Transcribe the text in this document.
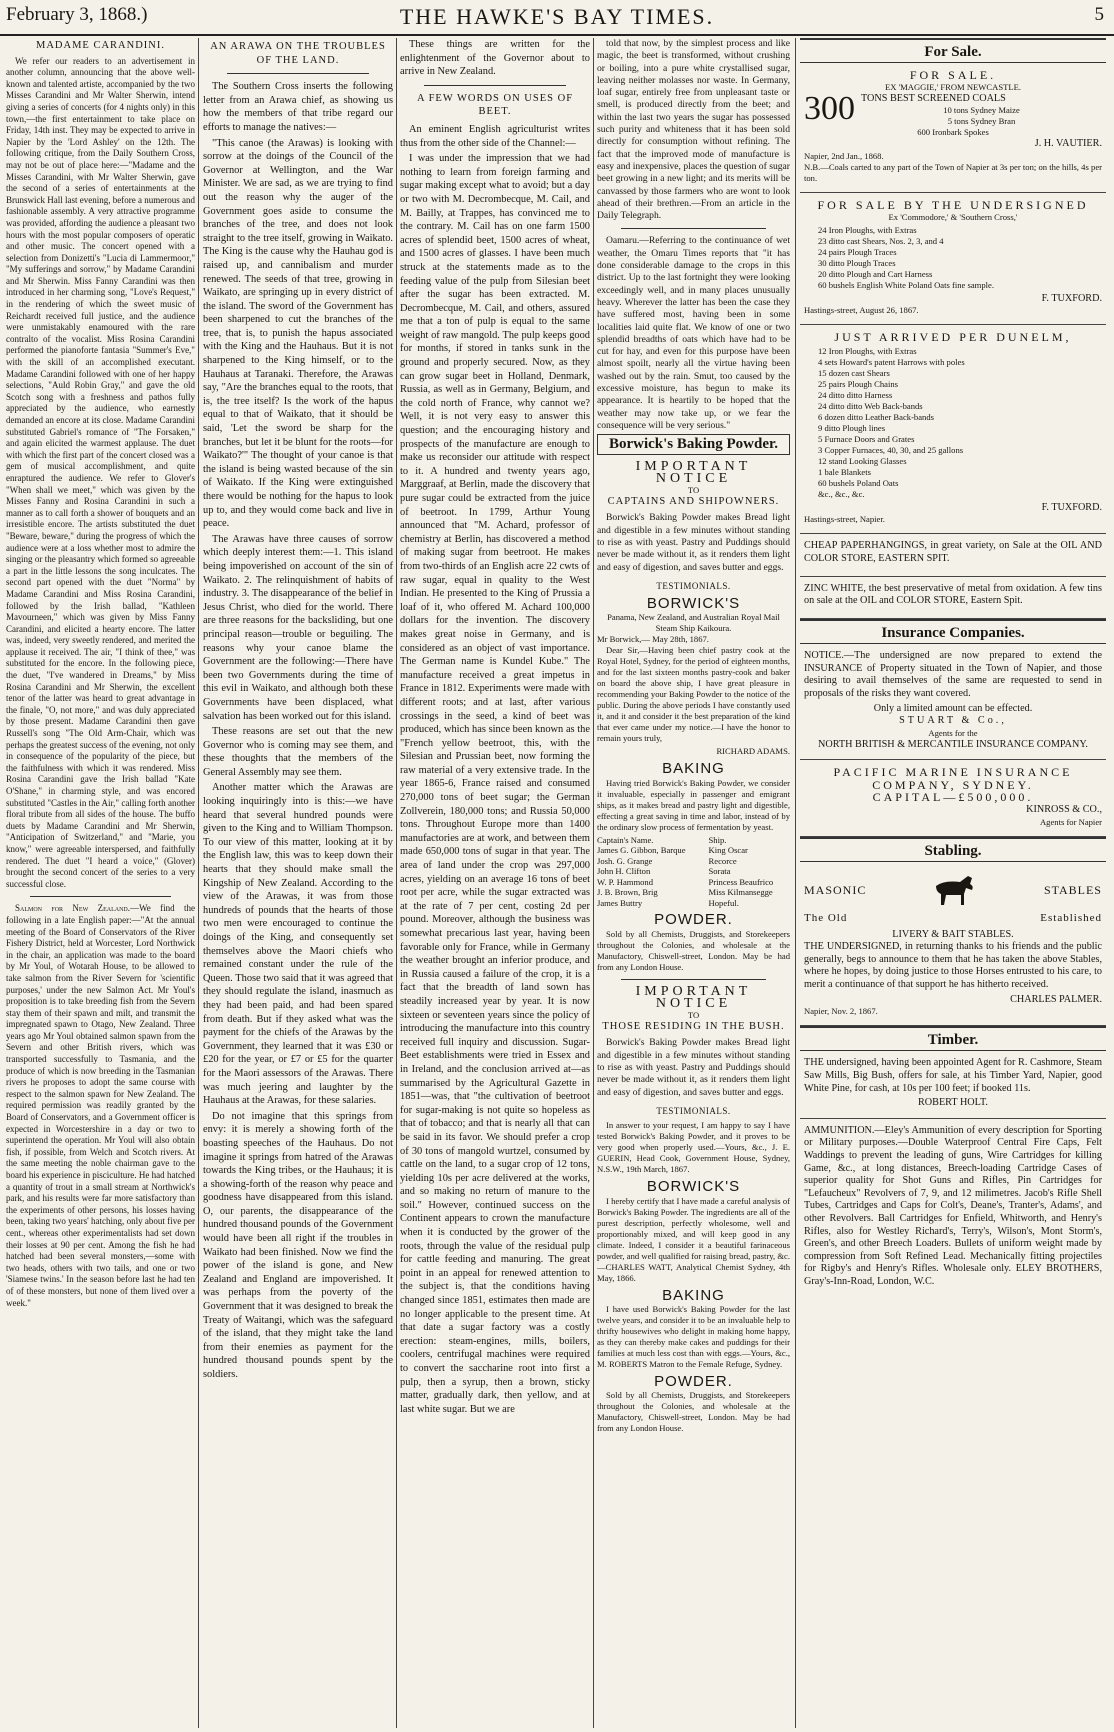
February 3, 1868.)	THE HAWKE'S BAY TIMES.	5
MADAME CARANDINI.

We refer our readers to an advertisement in another column, announcing that the above well-known and talented artiste, accompanied by the two Misses Carandini and Mr Walter Sherwin, intend giving a series of concerts (for 4 nights only) in this town,—the first entertainment to take place on Friday, 14th inst. They may be expected to arrive in Napier by the 'Lord Ashley' on the 12th. The following critique, from the Daily Southern Cross, may not be out of place here:—"Madame and the Misses Carandini, with Mr Walter Sherwin, gave the second of a series of entertainments at the Brunswick Hall last evening, before a numerous and fashionable assembly. A very attractive programme was provided, affording the audience a pleasant two hours with the most popular composers of operatic and other music. The concert opened with a selection from Donizetti's "Lucia di Lammermoor," "My sufferings and sorrow," by Madame Carandini and Mr Sherwin. Miss Fanny Carandini was then introduced in her charming song, "Love's Request," in the rendering of which the sweet music of Reichardt received full justice, and the audience were unmistakably enamoured with the rare contralto of the vocalist. Miss Rosina Carandini performed the pianoforte fantasia "Summer's Eve," with the skill of an accomplished executant. Madame Carandini followed with one of her happy selections, "Auld Robin Gray," and gave the old Scotch song with a freshness and pathos fully appreciated by the audience, who earnestly demanded an encore at its close. Madame Carandini substituted Gabriel's romance of "The Forsaken," and again elicited the warmest applause. The duet with which the first part of the concert closed was a gem of musical accomplishment, and quite enraptured the audience. We refer to Glover's "When shall we meet," which was given by the Misses Fanny and Rosina Carandini in such a manner as to call forth a shower of bouquets and an irresistible encore. The artists substituted the duet "Beware, beware," during the progress of which the audience were at a loss whether most to admire the singing or the pleasantry which formed so agreeable a part in the little lessons the song inculcates. The second part opened with the duet "Norma" by Madame Carandini and Miss Rosina Carandini, followed by the Irish ballad, "Kathleen Mavourneen," which was given by Miss Fanny Carandini, and elicited a hearty encore. The latter was, indeed, very sweetly rendered, and merited the applause it received. The air, "I think of thee," was substituted for the encore. In the following piece, the duet, "I've wandered in Dreams," by Miss Rosina Carandini and Mr Sherwin, the excellent tenor of the latter was heard to great advantage in the finale, "O, not more," and was duly appreciated by those present. Madame Carandini then gave Russell's song "The Old Arm-Chair, which was perhaps the greatest success of the evening, not only in consequence of the popularity of the piece, but the faithfulness with which it was rendered. Miss Rosina Carandini gave the Irish ballad "Kate O'Shane," in charming style, and was encored substituted "Castles in the Air," calling forth another floral tribute from all sides of the house. The buffo duets by Madame Carandini and Mr Sherwin, "Anticipation of Switzerland," and "Marie, you know," were agreeable interspersed, and faithfully rendered. The duet "I heard a voice," (Glover) brought the second concert of the series to a very successful close.

Salmon for New Zealand.—We find the following in a late English paper:—"At the annual meeting of the Board of Conservators of the River Fishery District, held at Worcester, Lord Northwick in the chair, an application was made to the board by Mr Youl, of Wotarah House, to be allowed to take salmon from the River Severn for 'scientific purposes,' under the new Salmon Act. Mr Youl's proposition is to take breeding fish from the Severn stay them of their spawn and milt, and transmit the impregnated spawn to Otago, New Zealand. Three years ago Mr Youl obtained salmon spawn from the Severn and other British rivers, which was transported successfully to Tasmania, and the produce of which is now breeding in the Tasmanian rivers he proposes to adopt the same course with respect to the salmon spawn for New Zealand. The required permission was readily granted by the Board of Conservators, and a Government officer is expected in Worcestershire in a day or two to superintend the operation. Mr Youl will also obtain fish, if possible, from Welch and Scotch rivers. At the same meeting the noble chairman gave to the board his experience in pisciculture. He had hatched a quantity of trout in a small stream at Northwick's park, and his results were far more satisfactory than the experiments of other persons, his losses having been, taking two years' hatching, only about five per cent., whereas other experimentalists had set down their losses at 90 per cent. Among the fish he had hatched had been several monsters,—some with two heads, others with two tails, and one or two 'Siamese twins.' In the season before last he had ten of of these monsters, but none of them lived over a week."

AN ARAWA ON THE TROUBLES OF THE LAND.

The Southern Cross inserts the following letter from an Arawa chief, as showing us how the members of that tribe regard our efforts to manage the natives:—

"This canoe (the Arawas) is looking with sorrow at the doings of the Council of the Governor at Wellington, and the War Minister. We are sad, as we are trying to find out the reason why the auger of the Government goes aside to consume the branches of the tree, and does not look straight to the tree itself, growing in Waikato. The King is the cause why the Hauhau god is raised up, and cannibalism and murder renewed. The seeds of that tree, growing in Waikato, are springing up in every district of the island. The sword of the Government has been sharpened to cut the branches of the tree, that is, to punish the hapus associated with the King and the Hauhaus. But it is not sharpened to the King himself, or to the Hauhaus at Taranaki. Therefore, the Arawas say, "Are the branches equal to the roots, that is, the tree itself? Is the work of the hapus equal to that of Waikato, that it should be said, 'Let the sword be sharp for the branches, but let it be blunt for the roots—for Waikato?'" The thought of your canoe is that the island is being wasted because of the sin of Waikato. If the King were extinguished there would be nothing for the hapus to look up to, and they would come back and live in peace.

The Arawas have three causes of sorrow which deeply interest them:—1. This island being impoverished on account of the sin of Waikato. 2. The relinquishment of habits of industry. 3. The disappearance of the belief in Jesus Christ, who died for the world. There are three reasons for the backsliding, but one principal reason—trouble or beguiling. The reasons why your canoe blame the Government are the following:—There have been two Governments during the time of this evil in Waikato, and although both these Governments have been displaced, what salvation has been worked out for this island.

These reasons are set out that the new Governor who is coming may see them, and these thoughts that the members of the General Assembly may see them.

Another matter which the Arawas are looking inquiringly into is this:—we have heard that several hundred pounds were given to the King and to William Thompson. To our view of this matter, looking at it by the English law, this was to keep down their hearts that they should make small the Kingship of New Zealand. According to the view of the Arawas, it was from those hundreds of pounds that the hearts of those two men were encouraged to continue the doings of the King, and consequently set themselves above the Maori chiefs who remained constant under the rule of the Queen. Those two said that it was agreed that they should regulate the island, inasmuch as they had been paid, and had been spared from death. But if they asked what was the payment for the chiefs of the Arawas by the Government, they learned that it was £30 or £20 for the year, or £7 or £5 for the quarter for the Maori assessors of the Arawas. There was much jeering and laughter by the Hauhaus at the Arawas, for these salaries.

Do not imagine that this springs from envy: it is merely a showing forth of the boasting speeches of the Hauhaus. Do not imagine it springs from hatred of the Arawas towards the King tribes, or the Hauhaus; it is a showing-forth of the reason why peace and goodness have disappeared from this island. O, our parents, the disappearance of the hundred thousand pounds of the Government would have been all right if the troubles in Waikato had been finished. Now we find the power of the island is gone, and New Zealand and England are impoverished. It was perhaps from the poverty of the Government that it was designed to break the Treaty of Waitangi, which was the safeguard of the island, that they might take the land from their enemies as payment for the hundred thousand pounds spent by the soldiers.

These things are written for the enlightenment of the Governor about to arrive in New Zealand.

A FEW WORDS ON USES OF BEET.

An eminent English agriculturist writes thus from the other side of the Channel:—

I was under the impression that we had nothing to learn from foreign farming and sugar making except what to avoid; but a day or two with M. Decrombecque, M. Cail, and M. Bailly, at Trappes, has convinced me to the contrary. M. Cail has on one farm 1500 acres of splendid beet, 1500 acres of wheat, and 1500 acres of glasses. I have been much struck at the statements made as to the feeding value of the pulp from Silesian beet after the sugar has been extracted. M. Decrombecque, M. Cail, and others, assured me that a ton of pulp is equal to the same weight of raw mangold. The pulp keeps good for months, if stored in tanks sunk in the ground and properly secured. Now, as they can grow sugar beet in Holland, Denmark, Russia, as well as in Germany, Belgium, and the cold north of France, why cannot we? Well, it is not very easy to answer this question; and the encouraging history and prospects of the manufacture are enough to make us reconsider our attitude with respect to it. A hundred and twenty years ago, Marggraaf, at Berlin, made the discovery that pure sugar could be extracted from the juice of beetroot. In 1799, Arthur Young announced that "M. Achard, professor of chemistry at Berlin, has discovered a method of making sugar from beetroot. He makes from two-thirds of an English acre 22 cwts of raw sugar, equal in quality to the West Indian. He presented to the King of Prussia a loaf of it, who offered M. Achard 100,000 dollars for the invention. The discovery makes great noise in Germany, and is considered as an object of vast importance. The German name is Kundel Kube." The manufacture received a great impetus in France in 1812. Experiments were made with different roots; and at last, after various crossings in the seed, a kind of beet was produced, which has since been known as the "French yellow beetroot, this, with the Silesian and Prussian beet, now forming the raw material of a very extensive trade. In the year 1865-6, France raised and consumed 270,000 tons of beet sugar; the German Zollverein, 180,000 tons; and Russia 50,000 tons. Throughout Europe more than 1400 manufactories are at work, and between them made 650,000 tons of sugar in that year. The area of land under the crop was 297,000 acres, yielding on an average 16 tons of beet root per acre, while the sugar extracted was at the rate of 7 per cent, costing 2d per pound. Moreover, although the business was somewhat precarious last year, having been favorable only for France, while in Germany the weather brought an inferior produce, and in Russia caused a failure of the crop, it is a fact that the breadth of land sown has steadily increased year by year. It is now sixteen or seventeen years since the policy of introducing the manufacture into this country received full inquiry and discussion. Sugar-Beet establishments were tried in Essex and in Ireland, and the conclusion arrived at—as summarised by the Agricultural Gazette in 1851—was, that "the cultivation of beetroot for sugar-making is not quite so hopeless as that of tobacco; and that is nearly all that can be said in its favor. We should prefer a crop of 30 tons of mangold wurtzel, consumed by cattle on the land, to a sugar crop of 12 tons, yielding 10s per acre delivered at the works, and so making no return of manure to the soil." However, continued success on the Continent appears to crown the manufacture when it is conducted by the grower of the roots, through the value of the residual pulp for cattle feeding and manuring. The great point in an appeal for renewed attention to the subject is, that the conditions having changed since 1851, estimates then made are no longer applicable to the present time. At that date a sugar factory was a costly erection: steam-engines, mills, boilers, coolers, centrifugal machines were required to convert the saccharine root into first a pulp, then a syrup, then a brown, sticky matter, gradually dark, then yellow, and at last white sugar. But we are

told that now, by the simplest process and like magic, the beet is transformed, without crushing or boiling, into a pure white crystallised sugar, leaving neither molasses nor waste. In Germany, loaf sugar, entirely free from unpleasant taste or smell, is produced directly from the beet; and within the last two years the sugar has possessed such purity and whiteness that it has been sold directly for consumption without refining. The fact that the improved mode of manufacture is easy and inexpensive, places the question of sugar beet growing in a new light; and its merits will be canvassed by those farmers who are wont to look ahead of their brethren.—From an article in the Daily Telegraph.

Oamaru.—Referring to the continuance of wet weather, the Omaru Times reports that "it has done considerable damage to the crops in this district. Up to the last fortnight they were looking exceedingly well, and in many places unusually heavy. Wherever the latter has been the case they have suffered most, having been in some localities laid quite flat. We know of one or two splendid breadths of oats which have had to be cut for hay, and even for this purpose have been almost spoilt, nearly all the virtue having been washed out by the rain. Smut, too caused by the excessive moisture, has begun to make its appearance. It is heartily to be hoped that the weather may now take up, or we fear the consequence will be very serious."

Borwick's Baking Powder.
IMPORTANT NOTICE
TO
CAPTAINS AND SHIPOWNERS.

Borwick's Baking Powder makes Bread light and digestible in a few minutes without standing to rise as with yeast. Pastry and Puddings should never be made without it, as it renders them light and easy of digestion, and saves butter and eggs.

TESTIMONIALS.
BORWICK'S
Panama, New Zealand, and Australian Royal Mail Steam Ship Kaikoura.
Mr Borwick,— May 28th, 1867.

Dear Sir,—Having been chief pastry cook at the Royal Hotel, Sydney, for the period of eighteen months, and for the last sixteen months pastry-cook and baker on board the above ship, I have great pleasure in recommending your Baking Powder to the notice of the public. During the above periods I have constantly used it, and it and consider it the best preparation of the kind that ever came under my notice.—I have the honor to remain yours truly,

RICHARD ADAMS.
BAKING

Having tried Borwick's Baking Powder, we consider it invaluable, especially in passenger and emigrant ships, as it makes bread and pastry light and digestible, effecting a great saving in time and labor, instead of by the ordinary slow process of fermentation by yeast.

Captain's Name.	Ship.
James G. Gibbon, Barque	King Oscar
Josh. G. Grange	Recorce
John H. Clifton	Sorata
W. P. Hammond	Princess Beaufrico
J. B. Brown, Brig	Miss Kilmansegge
James Buttry	Hopeful.
POWDER.

Sold by all Chemists, Druggists, and Storekeepers throughout the Colonies, and wholesale at the Manufactory, Chiswell-street, London. May be had from any London House.

IMPORTANT NOTICE
TO
THOSE RESIDING IN THE BUSH.

Borwick's Baking Powder makes Bread light and digestible in a few minutes without standing to rise as with yeast. Pastry and Puddings should never be made without it, as it renders them light and easy of digestion, and saves butter and eggs.

TESTIMONIALS.

In answer to your request, I am happy to say I have tested Borwick's Baking Powder, and it proves to be very good when properly used.—Yours, &c., J. E. GUERIN, Head Cook, Government House, Sydney, N.S.W., 19th March, 1867.

BORWICK'S

I hereby certify that I have made a careful analysis of Borwick's Baking Powder. The ingredients are all of the purest description, perfectly wholesome, well and proportionably mixed, and will keep good in any climate. Indeed, I consider it a beautiful farinaceous powder, and well qualified for raising bread, pastry, &c.—CHARLES WATT, Analytical Chemist Sydney, 4th May, 1866.

BAKING

I have used Borwick's Baking Powder for the last twelve years, and consider it to be an invaluable help to thrifty housewives who delight in making home happy, as they can thereby make cakes and puddings for their families at much less cost than with eggs.—Yours, &c., M. ROBERTS Matron to the Female Refuge, Sydney.

POWDER.

Sold by all Chemists, Druggists, and Storekeepers throughout the Colonies, and wholesale at the Manufactory, Chiswell-street, London. May be had from any London House.

For Sale.
FOR SALE.
EX 'MAGGIE,' FROM NEWCASTLE.
300 TONS BEST SCREENED COALS
10 tons Sydney Maize
5 tons Sydney Bran
600 Ironbark Spokes
J. H. VAUTIER.
Napier, 2nd Jan., 1868.
N.B.—Coals carted to any part of the Town of Napier at 3s per ton; on the hills, 4s per ton.
FOR SALE BY THE UNDERSIGNED
Ex 'Commodore,' & 'Southern Cross,'
24 Iron Ploughs, with Extras
23 ditto cast Shears, Nos. 2, 3, and 4
24 pairs Plough Traces
30 ditto Plough Traces
20 ditto Plough and Cart Harness
60 bushels English White Poland Oats fine sample.
F. TUXFORD.
Hastings-street, August 26, 1867.
JUST ARRIVED PER DUNELM,
12 Iron Ploughs, with Extras
4 sets Howard's patent Harrows with poles
15 dozen cast Shears
25 pairs Plough Chains
24 ditto ditto Harness
24 ditto ditto Web Back-bands
6 dozen ditto Leather Back-bands
9 ditto Plough lines
5 Furnace Doors and Grates
3 Copper Furnaces, 40, 30, and 25 gallons
12 stand Looking Glasses
1 bale Blankets
60 bushels Poland Oats
&c., &c., &c.
F. TUXFORD.
Hastings-street, Napier.

CHEAP PAPERHANGINGS, in great variety, on Sale at the OIL AND COLOR STORE, EASTERN SPIT.

ZINC WHITE, the best preservative of metal from oxidation. A few tins on sale at the OIL and COLOR STORE, Eastern Spit.

Insurance Companies.

NOTICE.—The undersigned are now prepared to extend the INSURANCE of Property situated in the Town of Napier, and those desiring to avail themselves of the same are requested to send in proposals of the risks they want covered.

Only a limited amount can be effected.
STUART & Co.,
Agents for the
NORTH BRITISH & MERCANTILE INSURANCE COMPANY.
PACIFIC MARINE INSURANCE COMPANY, SYDNEY.
CAPITAL—£500,000.
KINROSS & CO.,
Agents for Napier
Stabling.
MASONIC	STABLES
The Old	Established
LIVERY & BAIT STABLES.

THE UNDERSIGNED, in returning thanks to his friends and the public generally, begs to announce to them that he has taken the above Stables, where he hopes, by doing justice to those Horses entrusted to his care, to merit a continuance of that support he has hitherto received.

CHARLES PALMER.
Napier, Nov. 2, 1867.
Timber.

THE undersigned, having been appointed Agent for R. Cashmore, Steam Saw Mills, Big Bush, offers for sale, at his Timber Yard, Napier, good White Pine, for cash, at 10s per 100 feet; if booked 11s.

ROBERT HOLT.

AMMUNITION.—Eley's Ammunition of every description for Sporting or Military purposes.—Double Waterproof Central Fire Caps, Felt Waddings to prevent the leading of guns, Wire Cartridges for killing Game, &c., at long distances, Breech-loading Cartridge Cases of superior quality for Shot Guns and Rifles, Pin Cartridges for "Lefaucheux" Revolvers of 7, 9, and 12 milimetres. Jacob's Rifle Shell Tubes, Cartridges and Caps for Colt's, Deane's, Tranter's, Adams', and other Revolvers. Ball Cartridges for Enfield, Whitworth, and Henry's Rifles, also for Westley Richard's, Terry's, Wilson's, Mont Storm's, Green's, and other Breech Loaders. Bullets of uniform weight made by compression from Soft Refined Lead. Mechanically fitting projectiles for Rigby's and Henry's Rifles. Wholesale only. ELEY BROTHERS, Gray's-Inn-Road, London, W.C.
